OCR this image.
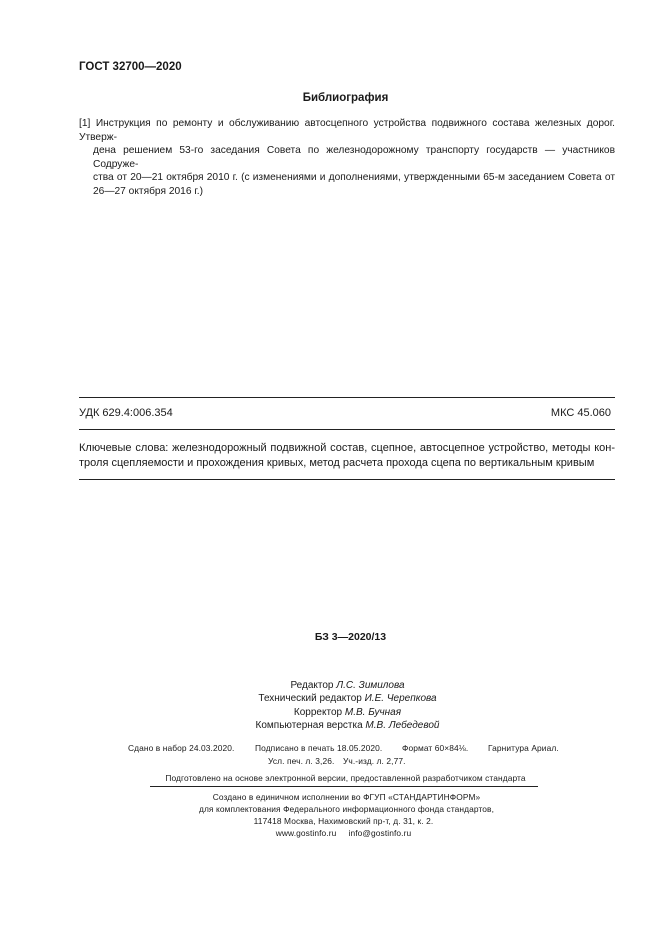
ГОСТ 32700—2020
Библиография
[1] Инструкция по ремонту и обслуживанию автосцепного устройства подвижного состава железных дорог. Утверж-
дена решением 53-го заседания Совета по железнодорожному транспорту государств — участников Содруже-
ства от 20—21 октября 2010 г. (с изменениями и дополнениями, утвержденными 65-м заседанием Совета от
26—27 октября 2016 г.)
УДК 629.4:006.354	МКС 45.060
Ключевые слова: железнодорожный подвижной состав, сцепное, автосцепное устройство, методы кон-
троля сцепляемости и прохождения кривых, метод расчета прохода сцепа по вертикальным кривым
БЗ 3—2020/13
Редактор Л.С. Зимилова
Технический редактор И.Е. Черепкова
Корректор М.В. Бучная
Компьютерная верстка М.В. Лебедевой
Сдано в набор 24.03.2020. Подписано в печать 18.05.2020. Формат 60×84⅛. Гарнитура Ариал.
Усл. печ. л. 3,26. Уч.-изд. л. 2,77.
Подготовлено на основе электронной версии, предоставленной разработчиком стандарта
Создано в единичном исполнении во ФГУП «СТАНДАРТИНФОРМ»
для комплектования Федерального информационного фонда стандартов,
117418 Москва, Нахимовский пр-т, д. 31, к. 2.
www.gostinfo.ru info@gostinfo.ru
